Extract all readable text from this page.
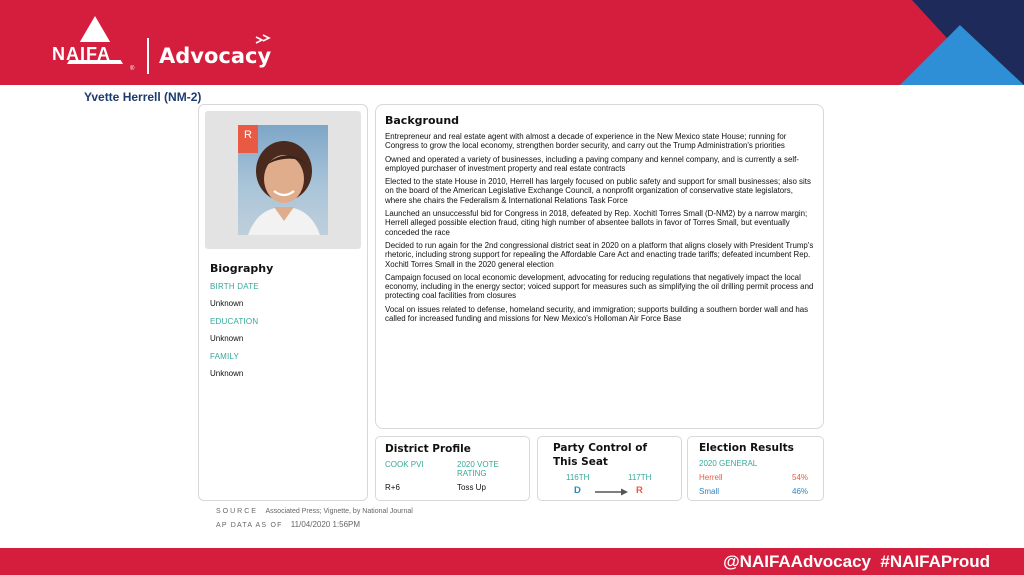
NAIFA
®
Advocacy
Yvette Herrell (NM-2)
R
Biography
BIRTH DATE
Unknown
EDUCATION
Unknown
FAMILY
Unknown
Background

Entrepreneur and real estate agent with almost a decade of experience in the New Mexico state House; running for Congress to grow the local economy, strengthen border security, and carry out the Trump Administration's priorities

Owned and operated a variety of businesses, including a paving company and kennel company, and is currently a self-employed purchaser of investment property and real estate contracts

Elected to the state House in 2010, Herrell has largely focused on public safety and support for small businesses; also sits on the board of the American Legislative Exchange Council, a nonprofit organization of conservative state legislators, where she chairs the Federalism & International Relations Task Force

Launched an unsuccessful bid for Congress in 2018, defeated by Rep. Xochitl Torres Small (D-NM2) by a narrow margin; Herrell alleged possible election fraud, citing high number of absentee ballots in favor of Torres Small, but eventually conceded the race

Decided to run again for the 2nd congressional district seat in 2020 on a platform that aligns closely with President Trump's rhetoric, including strong support for repealing the Affordable Care Act and enacting trade tariffs; defeated incumbent Rep. Xochitl Torres Small in the 2020 general election

Campaign focused on local economic development, advocating for reducing regulations that negatively impact the local economy, including in the energy sector; voiced support for measures such as simplifying the oil drilling permit process and protecting coal facilities from closures

Vocal on issues related to defense, homeland security, and immigration; supports building a southern border wall and has called for increased funding and missions for New Mexico's Holloman Air Force Base

District Profile
COOK PVI	2020 VOTE
RATING
R+6	Toss Up
Party Control of
This Seat
116TH	117TH
D	R
Election Results
2020 GENERAL
Herrell	54%
Small	46%
SOURCE Associated Press; Vignette, by National Journal
AP DATA AS OF 11/04/2020 1:56PM
@NAIFAAdvocacy  #NAIFAProud
